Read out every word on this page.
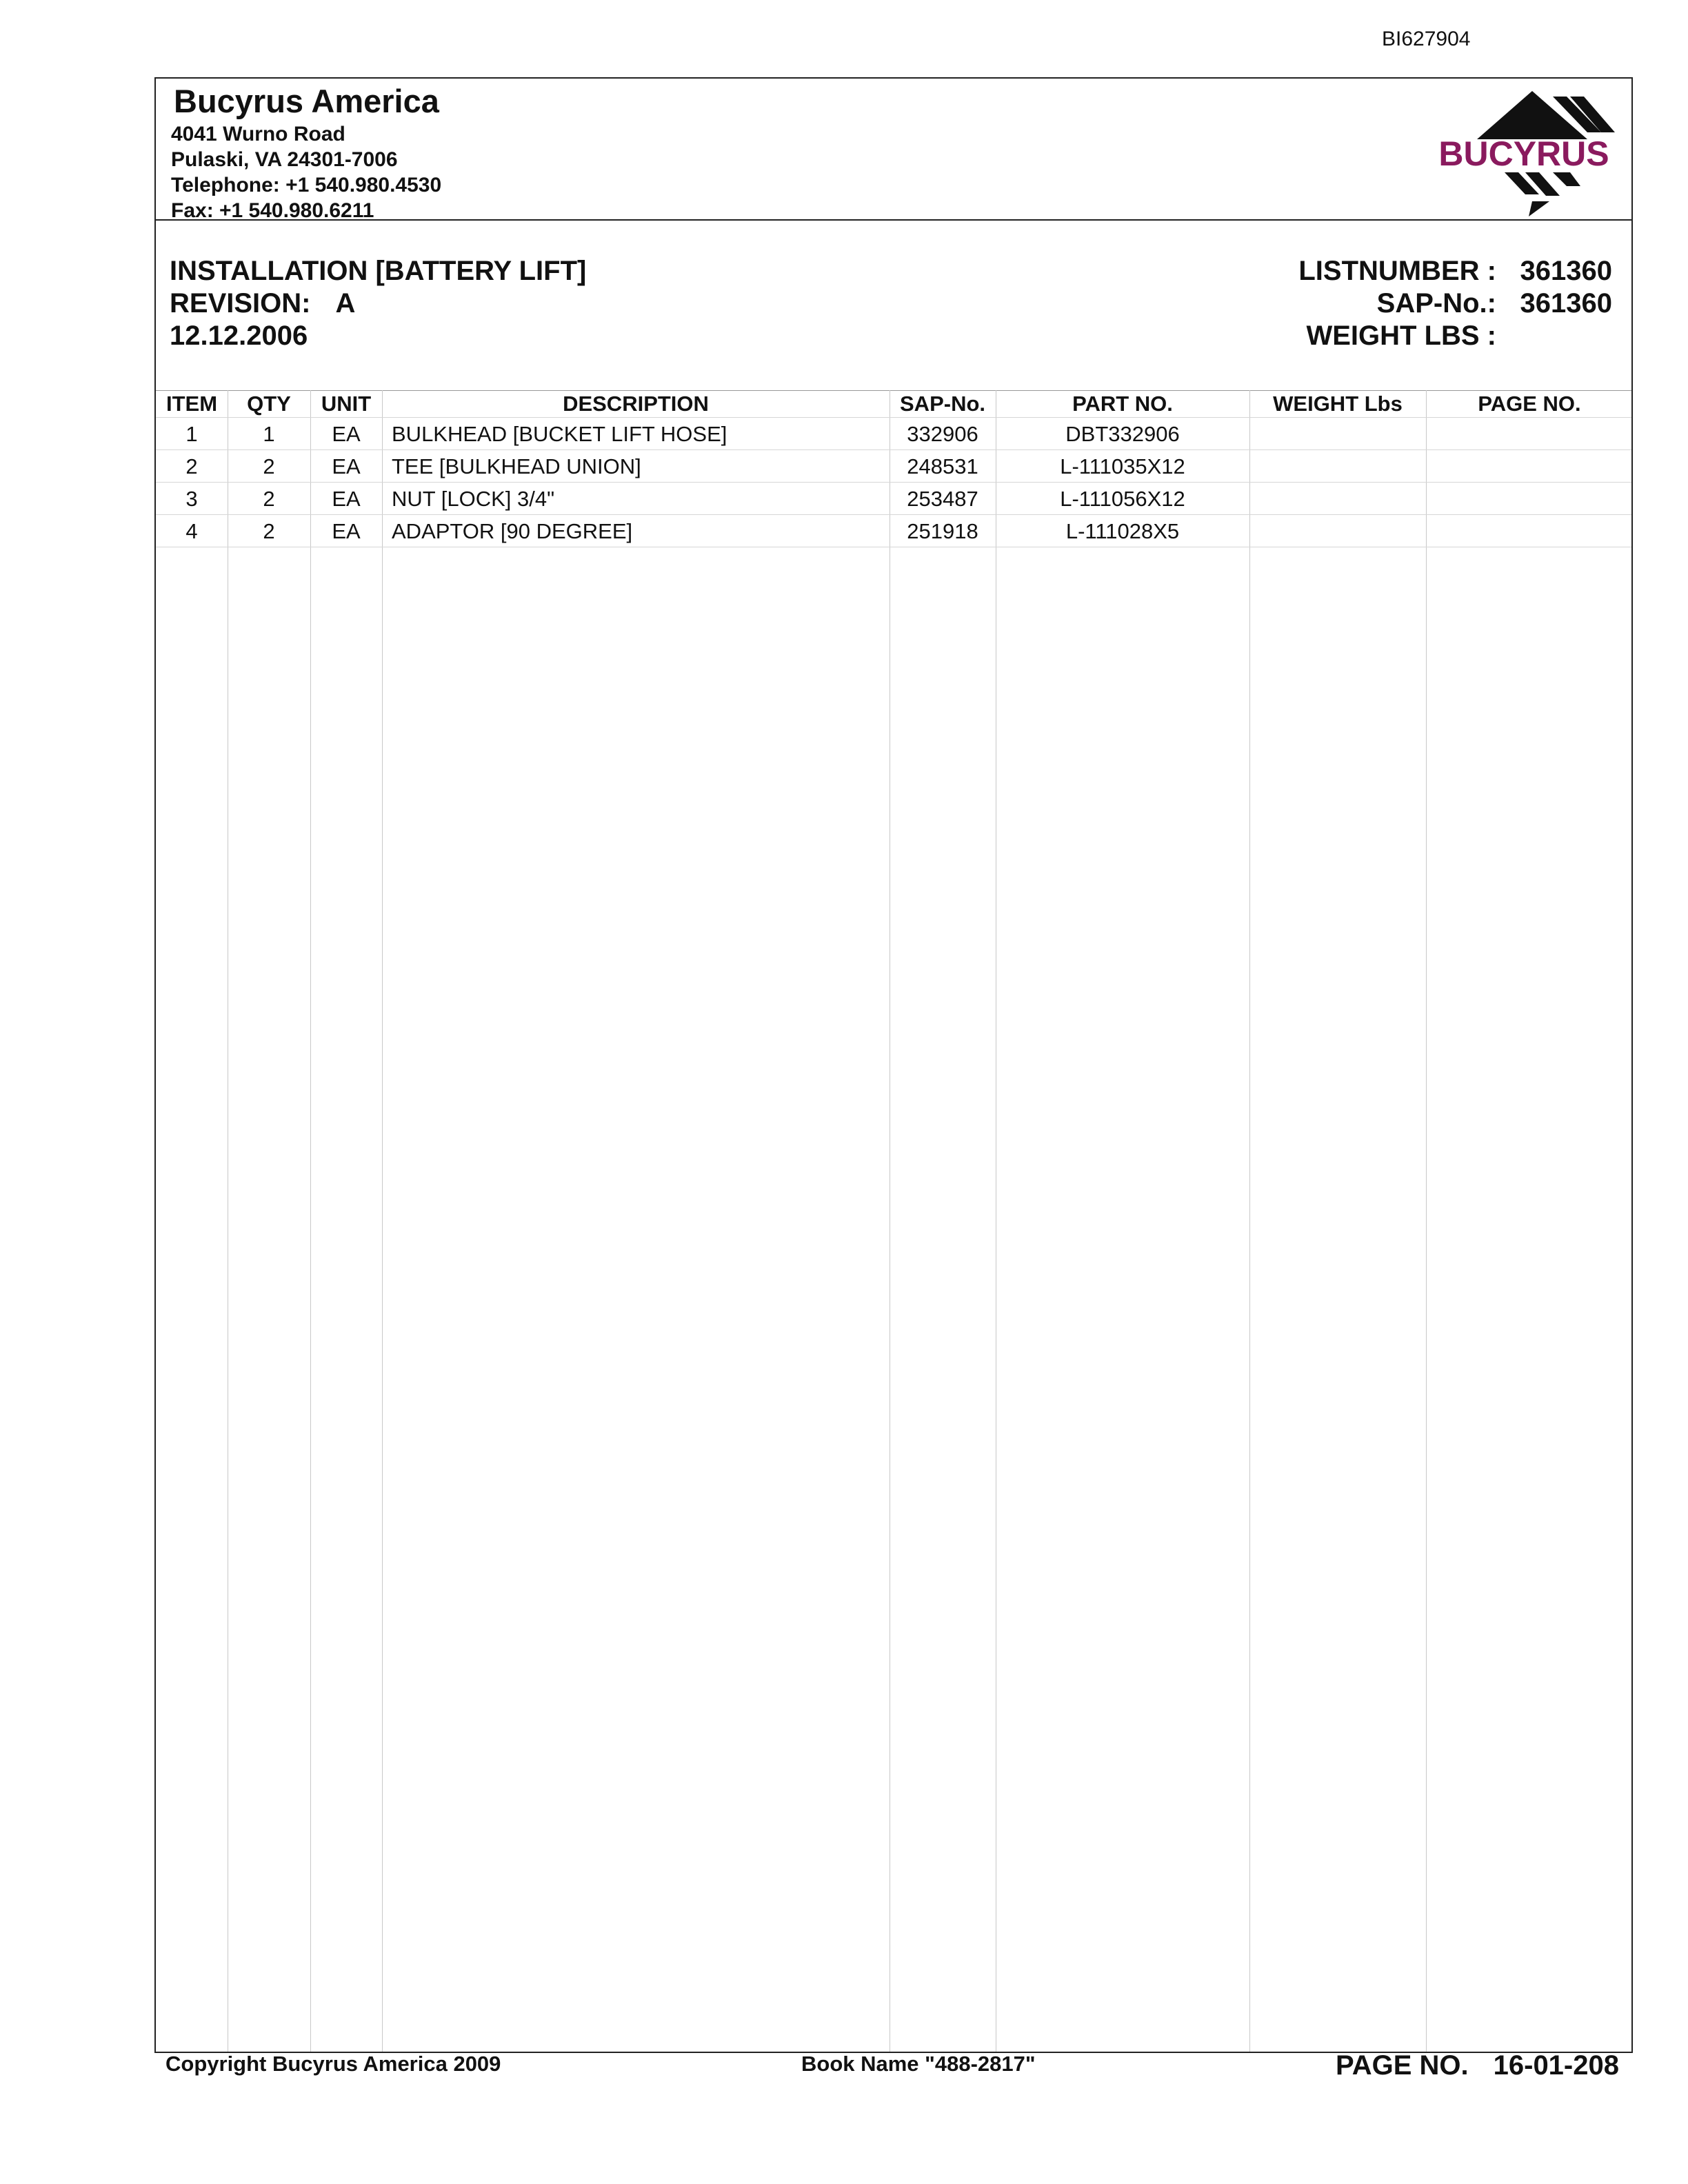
BI627904
Bucyrus America
4041 Wurno Road
Pulaski, VA 24301-7006
Telephone: +1 540.980.4530
Fax: +1 540.980.6211
BUCYRUS
INSTALLATION [BATTERY LIFT]
REVISION: A
12.12.2006
LISTNUMBER : 361360
SAP-No.: 361360
WEIGHT LBS :
ITEM	QTY	UNIT	DESCRIPTION	SAP-No.	PART NO.	WEIGHT Lbs	PAGE NO.
1	1	EA	BULKHEAD [BUCKET LIFT HOSE]	332906	DBT332906
2	2	EA	TEE [BULKHEAD UNION]	248531	L-111035X12
3	2	EA	NUT [LOCK] 3/4"	253487	L-111056X12
4	2	EA	ADAPTOR [90 DEGREE]	251918	L-111028X5
Copyright Bucyrus America 2009	Book Name "488-2817"	PAGE NO. 16-01-208
